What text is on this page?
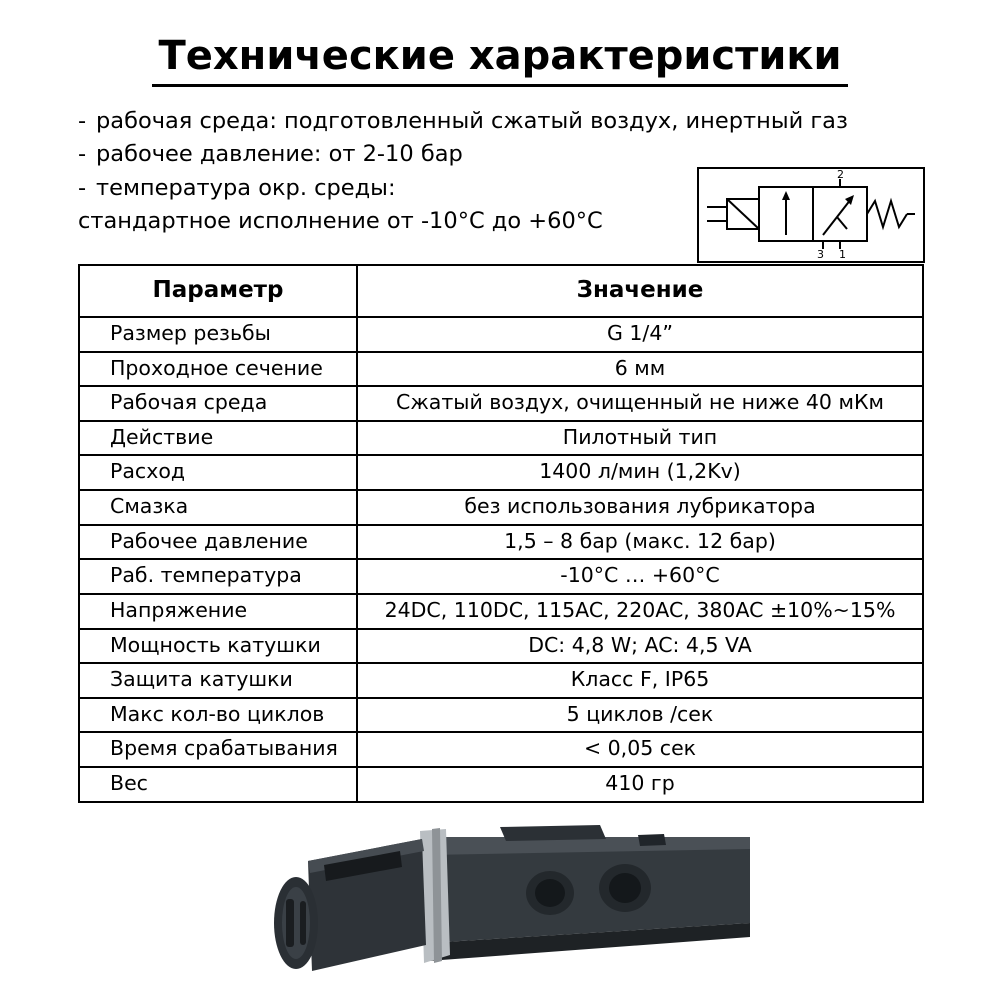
Технические характеристики
- рабочая среда: подготовленный сжатый воздух, инертный газ
- рабочее давление: от 2-10 бар
- температура окр. среды:
стандартное исполнение от -10°С до +60°С
2
3 1
Параметр	Значение
Размер резьбы	G 1/4”
Проходное сечение	6 мм
Рабочая среда	Сжатый воздух, очищенный не ниже 40 мКм
Действие	Пилотный тип
Расход	1400 л/мин (1,2Kv)
Смазка	без использования лубрикатора
Рабочее давление	1,5 – 8 бар (макс. 12 бар)
Раб. температура	-10°С … +60°С
Напряжение	24DC, 110DC, 115AC, 220AC, 380AC ±10%~15%
Мощность катушки	DC: 4,8 W; AC: 4,5 VA
Защита катушки	Класс F, IP65
Макс кол-во циклов	5 циклов /сек
Время срабатывания	< 0,05 сек
Вес	410 гр
